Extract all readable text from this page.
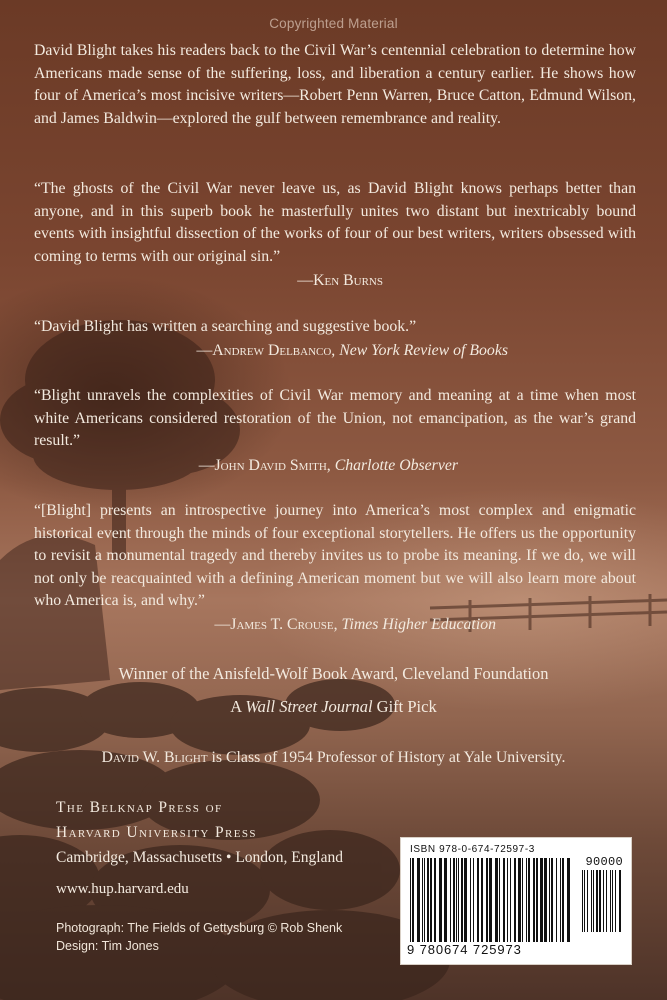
Copyrighted Material
David Blight takes his readers back to the Civil War’s centennial celebration to determine how Americans made sense of the suffering, loss, and liberation a century earlier. He shows how four of America’s most incisive writers—Robert Penn Warren, Bruce Catton, Edmund Wilson, and James Baldwin—explored the gulf between remembrance and reality.
“The ghosts of the Civil War never leave us, as David Blight knows perhaps better than anyone, and in this superb book he masterfully unites two distant but inextricably bound events with insightful dissection of the works of four of our best writers, writers obsessed with coming to terms with our original sin.”
—Ken Burns
“David Blight has written a searching and suggestive book.”
—Andrew Delbanco, New York Review of Books
“Blight unravels the complexities of Civil War memory and meaning at a time when most white Americans considered restoration of the Union, not emancipation, as the war’s grand result.”
—John David Smith, Charlotte Observer
“[Blight] presents an introspective journey into America’s most complex and enigmatic historical event through the minds of four exceptional storytellers. He offers us the opportunity to revisit a monumental tragedy and thereby invites us to probe its meaning. If we do, we will not only be reacquainted with a defining American moment but we will also learn more about who America is, and why.”
—James T. Crouse, Times Higher Education
Winner of the Anisfeld-Wolf Book Award, Cleveland Foundation
A Wall Street Journal Gift Pick
David W. Blight is Class of 1954 Professor of History at Yale University.
The Belknap Press of
Harvard University Press
Cambridge, Massachusetts • London, England
www.hup.harvard.edu
Photograph: The Fields of Gettysburg © Rob Shenk
Design: Tim Jones
ISBN 978-0-674-72597-3
90000
9 780674 725973
